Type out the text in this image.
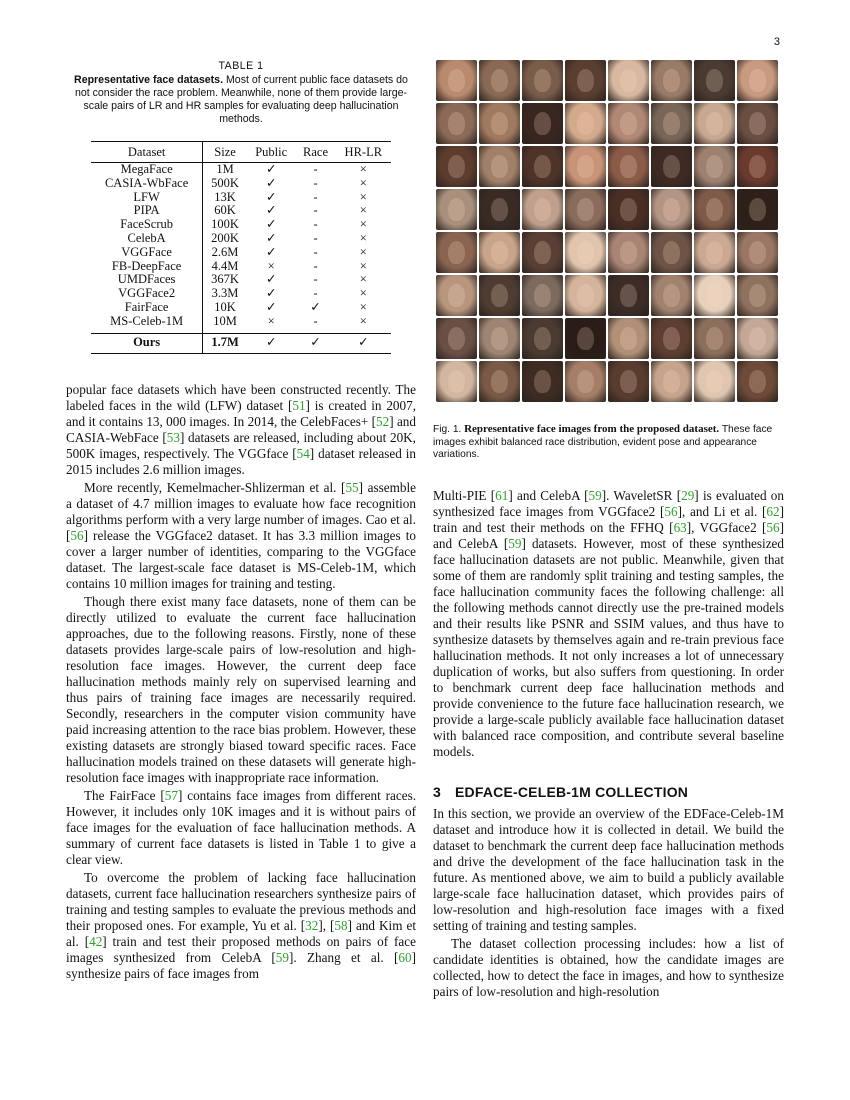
3
TABLE 1
Representative face datasets. Most of current public face datasets do not consider the race problem. Meanwhile, none of them provide large-scale pairs of LR and HR samples for evaluating deep hallucination methods.
Dataset	Size	Public	Race	HR-LR
MegaFace	1M	✓	-	×
CASIA-WbFace	500K	✓	-	×
LFW	13K	✓	-	×
PIPA	60K	✓	-	×
FaceScrub	100K	✓	-	×
CelebA	200K	✓	-	×
VGGFace	2.6M	✓	-	×
FB-DeepFace	4.4M	×	-	×
UMDFaces	367K	✓	-	×
VGGFace2	3.3M	✓	-	×
FairFace	10K	✓	✓	×
MS-Celeb-1M	10M	×	-	×
Ours	1.7M	✓	✓	✓

popular face datasets which have been constructed recently. The labeled faces in the wild (LFW) dataset [51] is created in 2007, and it contains 13, 000 images. In 2014, the CelebFaces+ [52] and CASIA-WebFace [53] datasets are released, including about 20K, 500K images, respectively. The VGGface [54] dataset released in 2015 includes 2.6 million images.

More recently, Kemelmacher-Shlizerman et al. [55] assemble a dataset of 4.7 million images to evaluate how face recognition algorithms perform with a very large number of images. Cao et al. [56] release the VGGface2 dataset. It has 3.3 million images to cover a larger number of identities, comparing to the VGGface dataset. The largest-scale face dataset is MS-Celeb-1M, which contains 10 million images for training and testing.

Though there exist many face datasets, none of them can be directly utilized to evaluate the current face hallucination approaches, due to the following reasons. Firstly, none of these datasets provides large-scale pairs of low-resolution and high-resolution face images. However, the current deep face hallucination methods mainly rely on supervised learning and thus pairs of training face images are necessarily required. Secondly, researchers in the computer vision community have paid increasing attention to the race bias problem. However, these existing datasets are strongly biased toward specific races. Face hallucination models trained on these datasets will generate high-resolution face images with inappropriate race information.

The FairFace [57] contains face images from different races. However, it includes only 10K images and it is without pairs of face images for the evaluation of face hallucination methods. A summary of current face datasets is listed in Table 1 to give a clear view.

To overcome the problem of lacking face hallucination datasets, current face hallucination researchers synthesize pairs of training and testing samples to evaluate the previous methods and their proposed ones. For example, Yu et al. [32], [58] and Kim et al. [42] train and test their proposed methods on pairs of face images synthesized from CelebA [59]. Zhang et al. [60] synthesize pairs of face images from

Fig. 1. Representative face images from the proposed dataset. These face images exhibit balanced race distribution, evident pose and appearance variations.

Multi-PIE [61] and CelebA [59]. WaveletSR [29] is evaluated on synthesized face images from VGGface2 [56], and Li et al. [62] train and test their methods on the FFHQ [63], VGGface2 [56] and CelebA [59] datasets. However, most of these synthesized face hallucination datasets are not public. Meanwhile, given that some of them are randomly split training and testing samples, the face hallucination community faces the following challenge: all the following methods cannot directly use the pre-trained models and their results like PSNR and SSIM values, and thus have to synthesize datasets by themselves again and re-train previous face hallucination methods. It not only increases a lot of unnecessary duplication of works, but also suffers from questioning. In order to benchmark current deep face hallucination methods and provide convenience to the future face hallucination research, we provide a large-scale publicly available face hallucination dataset with balanced race composition, and contribute several baseline models.

3 EDFACE-CELEB-1M COLLECTION

In this section, we provide an overview of the EDFace-Celeb-1M dataset and introduce how it is collected in detail. We build the dataset to benchmark the current deep face hallucination methods and drive the development of the face hallucination task in the future. As mentioned above, we aim to build a publicly available large-scale face hallucination dataset, which provides pairs of low-resolution and high-resolution face images with a fixed setting of training and testing samples.

The dataset collection processing includes: how a list of candidate identities is obtained, how the candidate images are collected, how to detect the face in images, and how to synthesize pairs of low-resolution and high-resolution
